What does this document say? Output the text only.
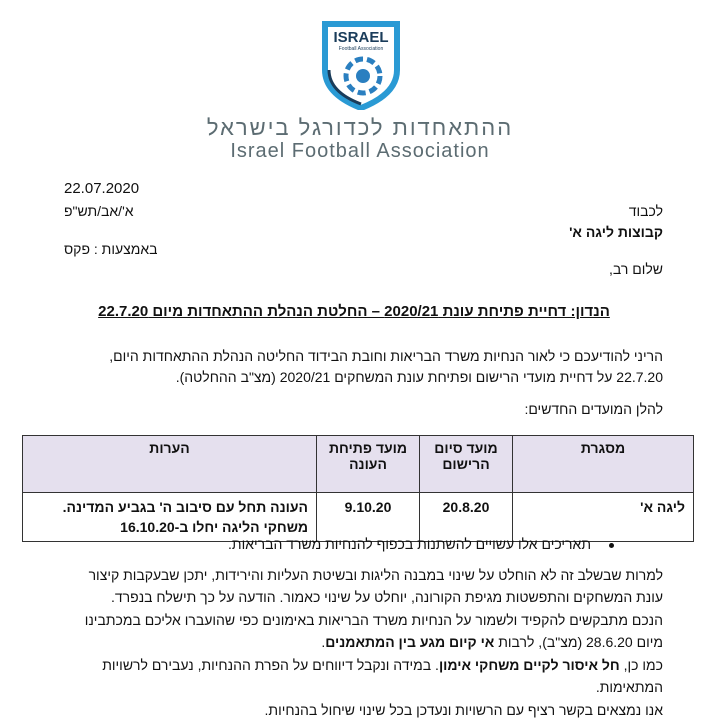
ISRAEL
Football Association
ההתאחדות לכדורגל בישראל
Israel Football Association
22.07.2020
א'/אב/תש"פ
באמצעות : פקס
לכבוד
קבוצות ליגה א'
שלום רב,
הנדון: דחיית פתיחת עונת 2020/21 – החלטת הנהלת ההתאחדות מיום 22.7.20
הריני להודיעכם כי לאור הנחיות משרד הבריאות וחובת הבידוד החליטה הנהלת ההתאחדות היום,
22.7.20 על דחיית מועדי הרישום ופתיחת עונת המשחקים 2020/21 (מצ"ב ההחלטה).
להלן המועדים החדשים:
מסגרת	מועד סיום הרישום	מועד פתיחת העונה	הערות
ליגה א'	20.8.20	9.10.20	העונה תחל עם סיבוב ה' בגביע המדינה.
משחקי הליגה יחלו ב-16.10.20
תאריכים אלו עשויים להשתנות בכפוף להנחיות משרד הבריאות.
למרות שבשלב זה לא הוחלט על שינוי במבנה הליגות ובשיטת העליות והירידות, יתכן שבעקבות קיצור
עונת המשחקים והתפשטות מגיפת הקורונה, יוחלט על שינוי כאמור. הודעה על כך תישלח בנפרד.
הנכם מתבקשים להקפיד ולשמור על הנחיות משרד הבריאות באימונים כפי שהועברו אליכם במכתבינו
מיום 28.6.20 (מצ"ב), לרבות אי קיום מגע בין המתאמנים.
כמו כן, חל איסור לקיים משחקי אימון. במידה ונקבל דיווחים על הפרת ההנחיות, נעבירם לרשויות
המתאימות.
אנו נמצאים בקשר רציף עם הרשויות ונעדכן בכל שינוי שיחול בהנחיות.
